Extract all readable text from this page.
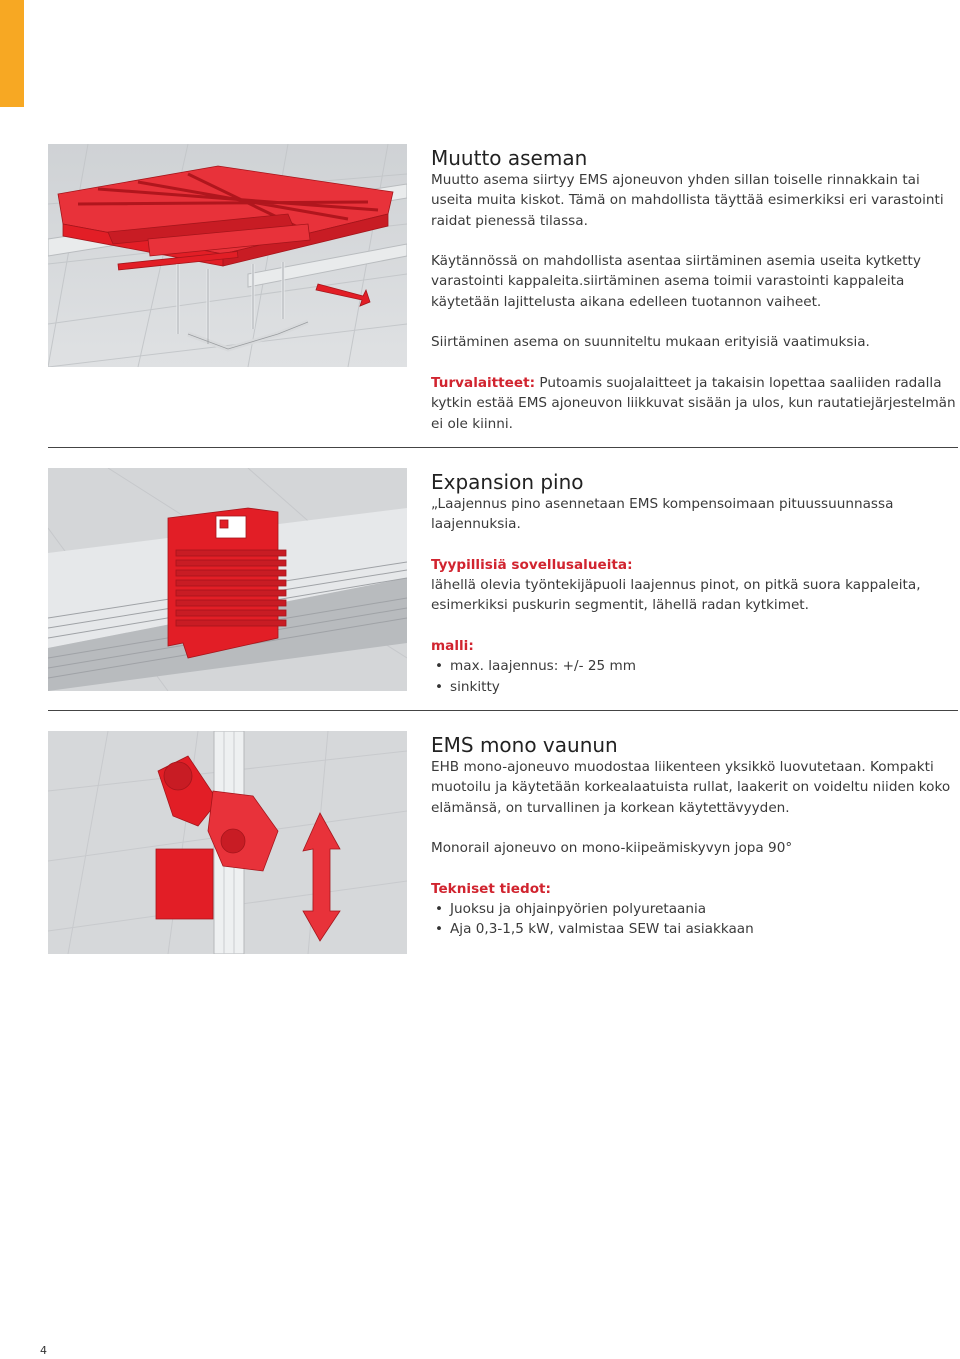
Muutto aseman

Muutto asema siirtyy EMS ajoneuvon yhden sillan toiselle rinnakkain tai useita muita kiskot. Tämä on mahdollista täyttää esimerkiksi eri varastointi raidat pienessä tilassa.

Käytännössä on mahdollista asentaa siirtäminen asemia useita kytketty varastointi kappaleita.siirtäminen asema toimii varastointi kappaleita käytetään lajittelusta aikana edelleen tuotannon vaiheet.

Siirtäminen asema on suunniteltu mukaan erityisiä vaatimuksia.

Turvalaitteet: Putoamis suojalaitteet ja takaisin lopettaa saaliiden radalla kytkin estää EMS ajoneuvon liikkuvat sisään ja ulos, kun rautatiejärjestelmän ei ole kiinni.

Expansion pino

„Laajennus pino asennetaan EMS kompensoimaan pituussuunnassa laajennuksia.

Tyypillisiä sovellusalueita:

lähellä olevia työntekijäpuoli laajennus pinot, on pitkä suora kappaleita, esimerkiksi puskurin segmentit, lähellä radan kytkimet.

malli:

• max. laajennus: +/- 25 mm
• sinkitty
EMS mono vaunun

EHB mono-ajoneuvo muodostaa liikenteen yksikkö luovutetaan. Kompakti muotoilu ja käytetään korkealaatuista rullat, laakerit on voideltu niiden koko elämänsä, on turvallinen ja korkean käytettävyyden.

Monorail ajoneuvo on mono-kiipeämiskyvyn jopa 90°

Tekniset tiedot:

• Juoksu ja ohjainpyörien polyuretaania
• Aja 0,3-1,5 kW, valmistaa SEW tai asiakkaan
4
